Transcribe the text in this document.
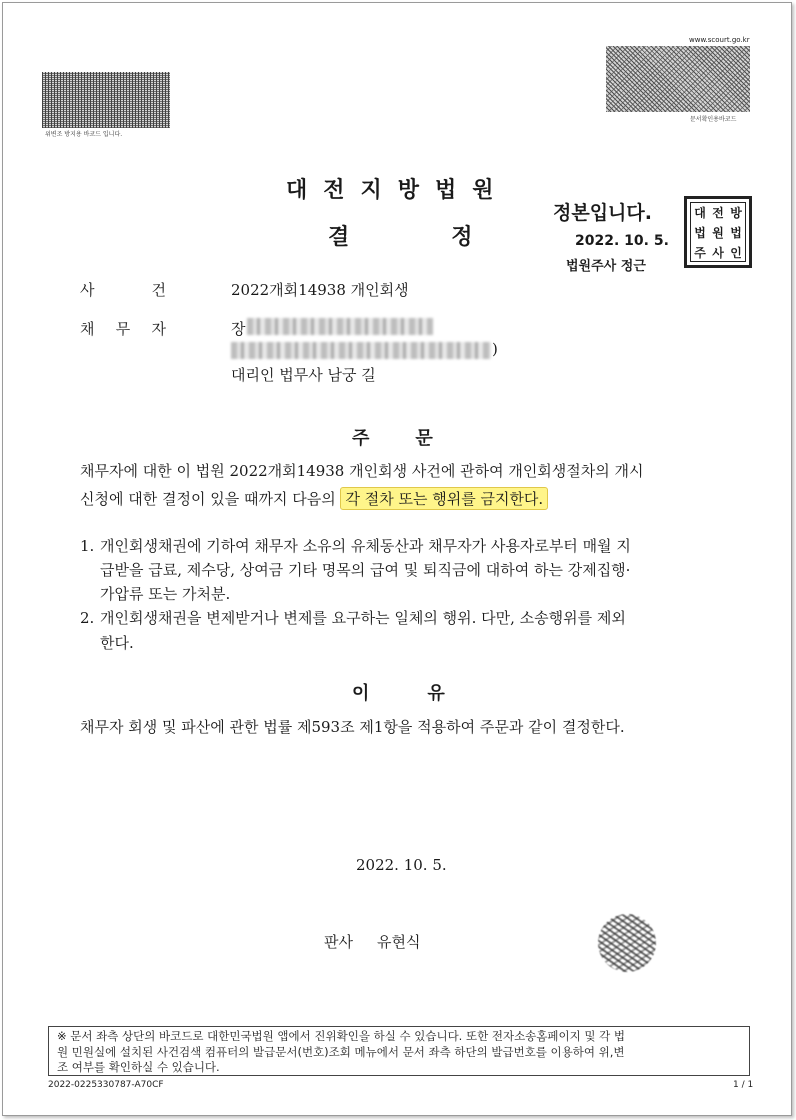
위변조 방지용 바코드 입니다.
www.scourt.go.kr
문서확인용바코드
대전지방법원
결	정
정본입니다.
2022. 10. 5.
법원주사 정근
대 전 방
법 원 법
주 사 인
사	건	2022개회14938 개인회생
채 무 자	장
)
대리인 법무사 남궁 길
주	문
채무자에 대한 이 법원 2022개회14938 개인회생 사건에 관하여 개인회생절차의 개시
신청에 대한 결정이 있을 때까지 다음의 각 절차 또는 행위를 금지한다.
1. 개인회생채권에 기하여 채무자 소유의 유체동산과 채무자가 사용자로부터 매월 지
급받을 급료, 제수당, 상여금 기타 명목의 급여 및 퇴직금에 대하여 하는 강제집행·
가압류 또는 가처분.
2. 개인회생채권을 변제받거나 변제를 요구하는 일체의 행위. 다만, 소송행위를 제외
한다.
이	유
채무자 회생 및 파산에 관한 법률 제593조 제1항을 적용하여 주문과 같이 결정한다.
2022. 10. 5.
판사 유현식
※ 문서 좌측 상단의 바코드로 대한민국법원 앱에서 진위확인을 하실 수 있습니다. 또한 전자소송홈페이지 및 각 법
원 민원실에 설치된 사건검색 컴퓨터의 발급문서(번호)조회 메뉴에서 문서 좌측 하단의 발급번호를 이용하여 위,변
조 여부를 확인하실 수 있습니다.
2022-0225330787-A70CF	1 / 1
